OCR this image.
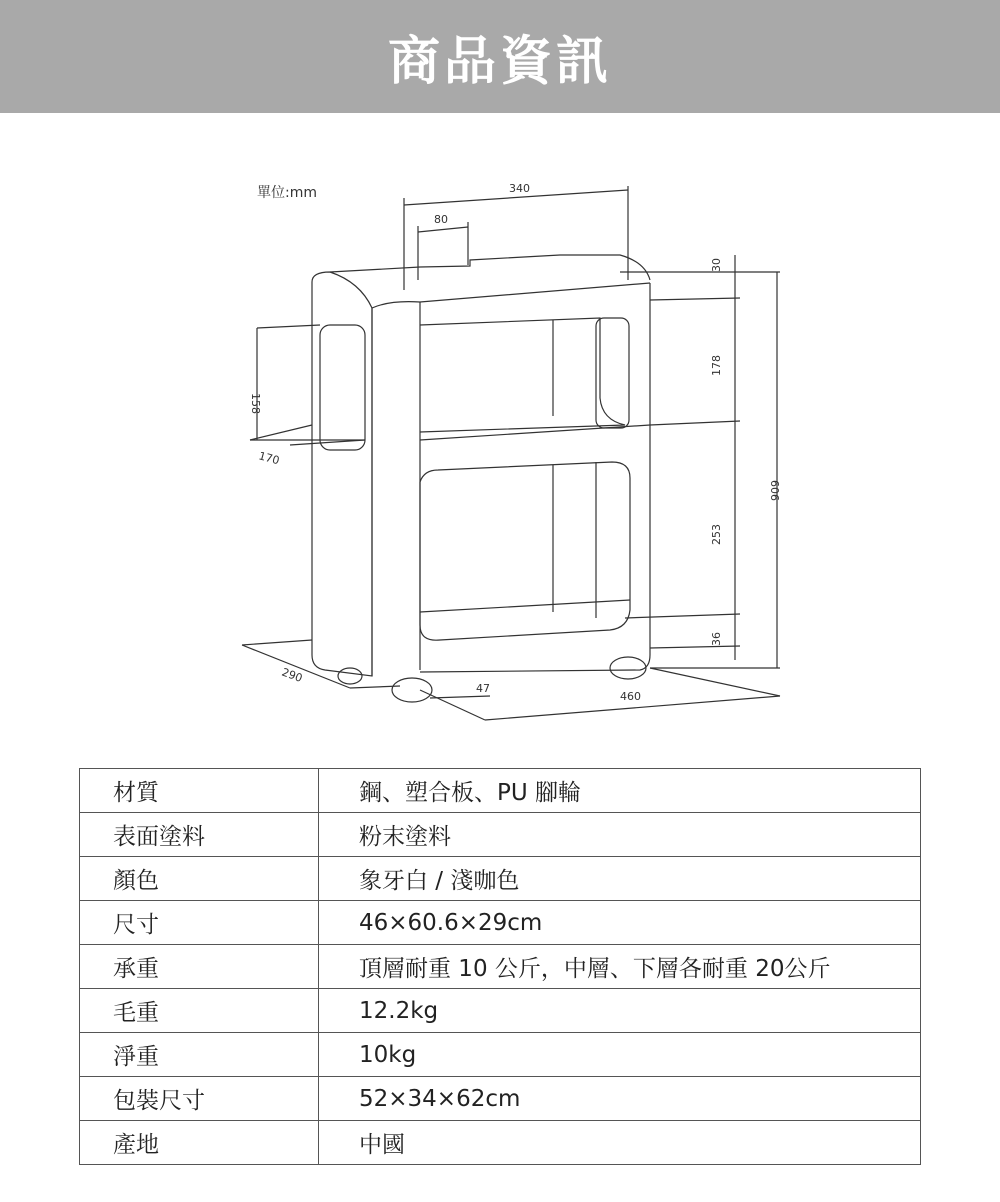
商品資訊
單位:mm	340
80
30
158
170
178
606
253
36
290
47
460
材質	鋼、塑合板、PU 腳輪
表面塗料	粉末塗料
顏色	象牙白 / 淺咖色
尺寸	46×60.6×29cm
承重	頂層耐重 10 公斤，中層、下層各耐重 20公斤
毛重	12.2kg
淨重	10kg
包裝尺寸	52×34×62cm
產地	中國
